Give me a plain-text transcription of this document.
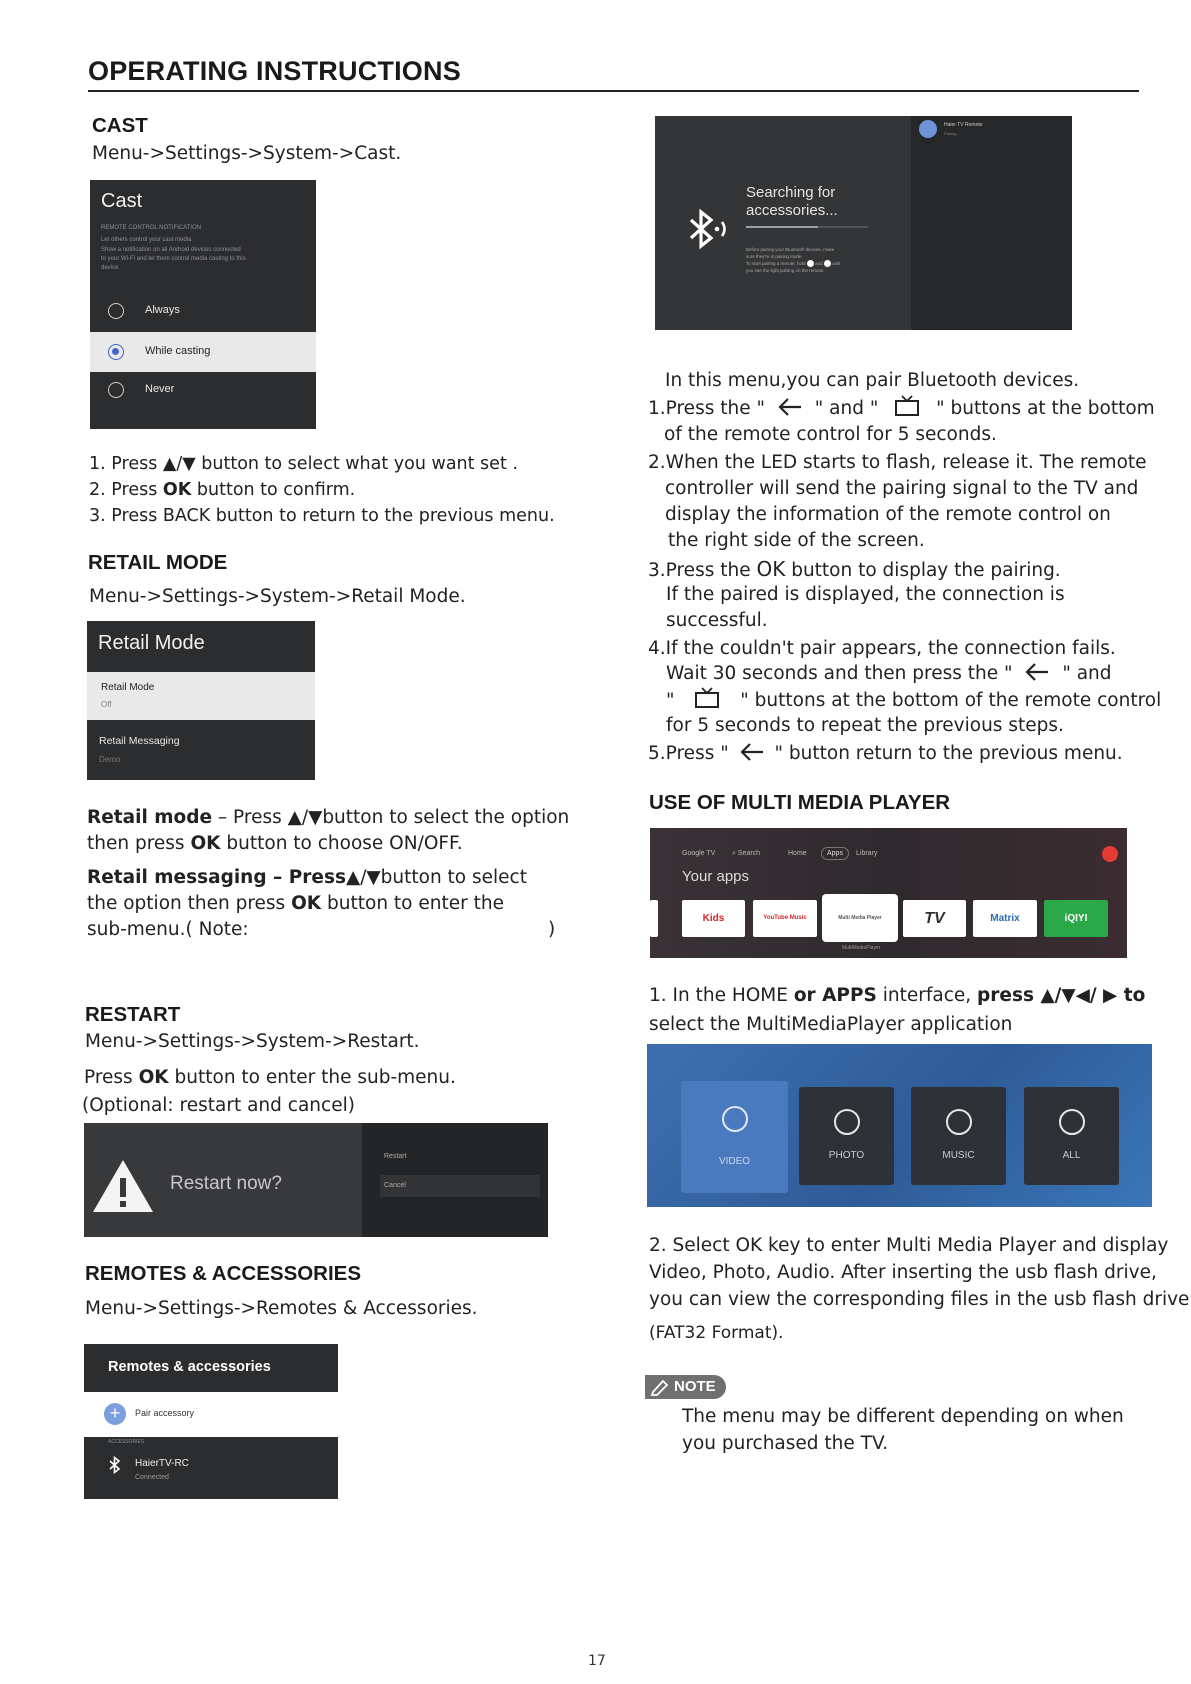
OPERATING INSTRUCTIONS
CAST
Menu->Settings->System->Cast.
Cast
REMOTE CONTROL NOTIFICATION
Let others control your cast media
Show a notification on all Android devices connected
to your Wi-Fi and let them control media casting to this
device
Always
While casting
Never
1. Press ▲/▼ button to select what you want set .
2. Press OK button to confirm.
3. Press BACK button to return to the previous menu.
RETAIL MODE
Menu->Settings->System->Retail Mode.
Retail Mode
Retail Mode
Off
Retail Messaging
Demo
Retail mode – Press ▲/▼button to select the option
then press OK button to choose ON/OFF.
Retail messaging – Press▲/▼button to select
the option then press OK button to enter the
sub-menu.( Note:	)
RESTART
Menu->Settings->System->Restart.
Press OK button to enter the sub-menu.
(Optional: restart and cancel)
Restart now?
Restart
Cancel
REMOTES & ACCESSORIES
Menu->Settings->Remotes & Accessories.
Remotes & accessories
+	Pair accessory
ACCESSORIES
HaierTV-RC
Connected
Searching for
accessories...
Before pairing your Bluetooth devices, make
sure they're in pairing mode.
To start pairing a remote, hold and until
you see the light pulsing on the remote.
Haier TV Remote
Pairing...
In this menu,you can pair Bluetooth devices.
1.Press the "	" and "	" buttons at the bottom
of the remote control for 5 seconds.
2.When the LED starts to flash, release it. The remote
controller will send the pairing signal to the TV and
display the information of the remote control on
the right side of the screen.
3.Press the OK button to display the pairing.
If the paired is displayed, the connection is
successful.
4.If the couldn't pair appears, the connection fails.
Wait 30 seconds and then press the "	" and
"	" buttons at the bottom of the remote control
for 5 seconds to repeat the previous steps.
5.Press " " button return to the previous menu.
USE OF MULTI MEDIA PLAYER
Google TV ⌕ Search	Home	Apps	Library
Your apps
Kids	YouTube Music	Multi Media Player	TV	Matrix	iQIYI
MultiMediaPlayer
1. In the HOME or APPS interface, press ▲/▼◀/ ▶ to
select the MultiMediaPlayer application
VIDEO
PHOTO	MUSIC	ALL
2. Select OK key to enter Multi Media Player and display
Video, Photo, Audio. After inserting the usb flash drive,
you can view the corresponding files in the usb flash drive
(FAT32 Format).
NOTE
The menu may be different depending on when
you purchased the TV.
17
